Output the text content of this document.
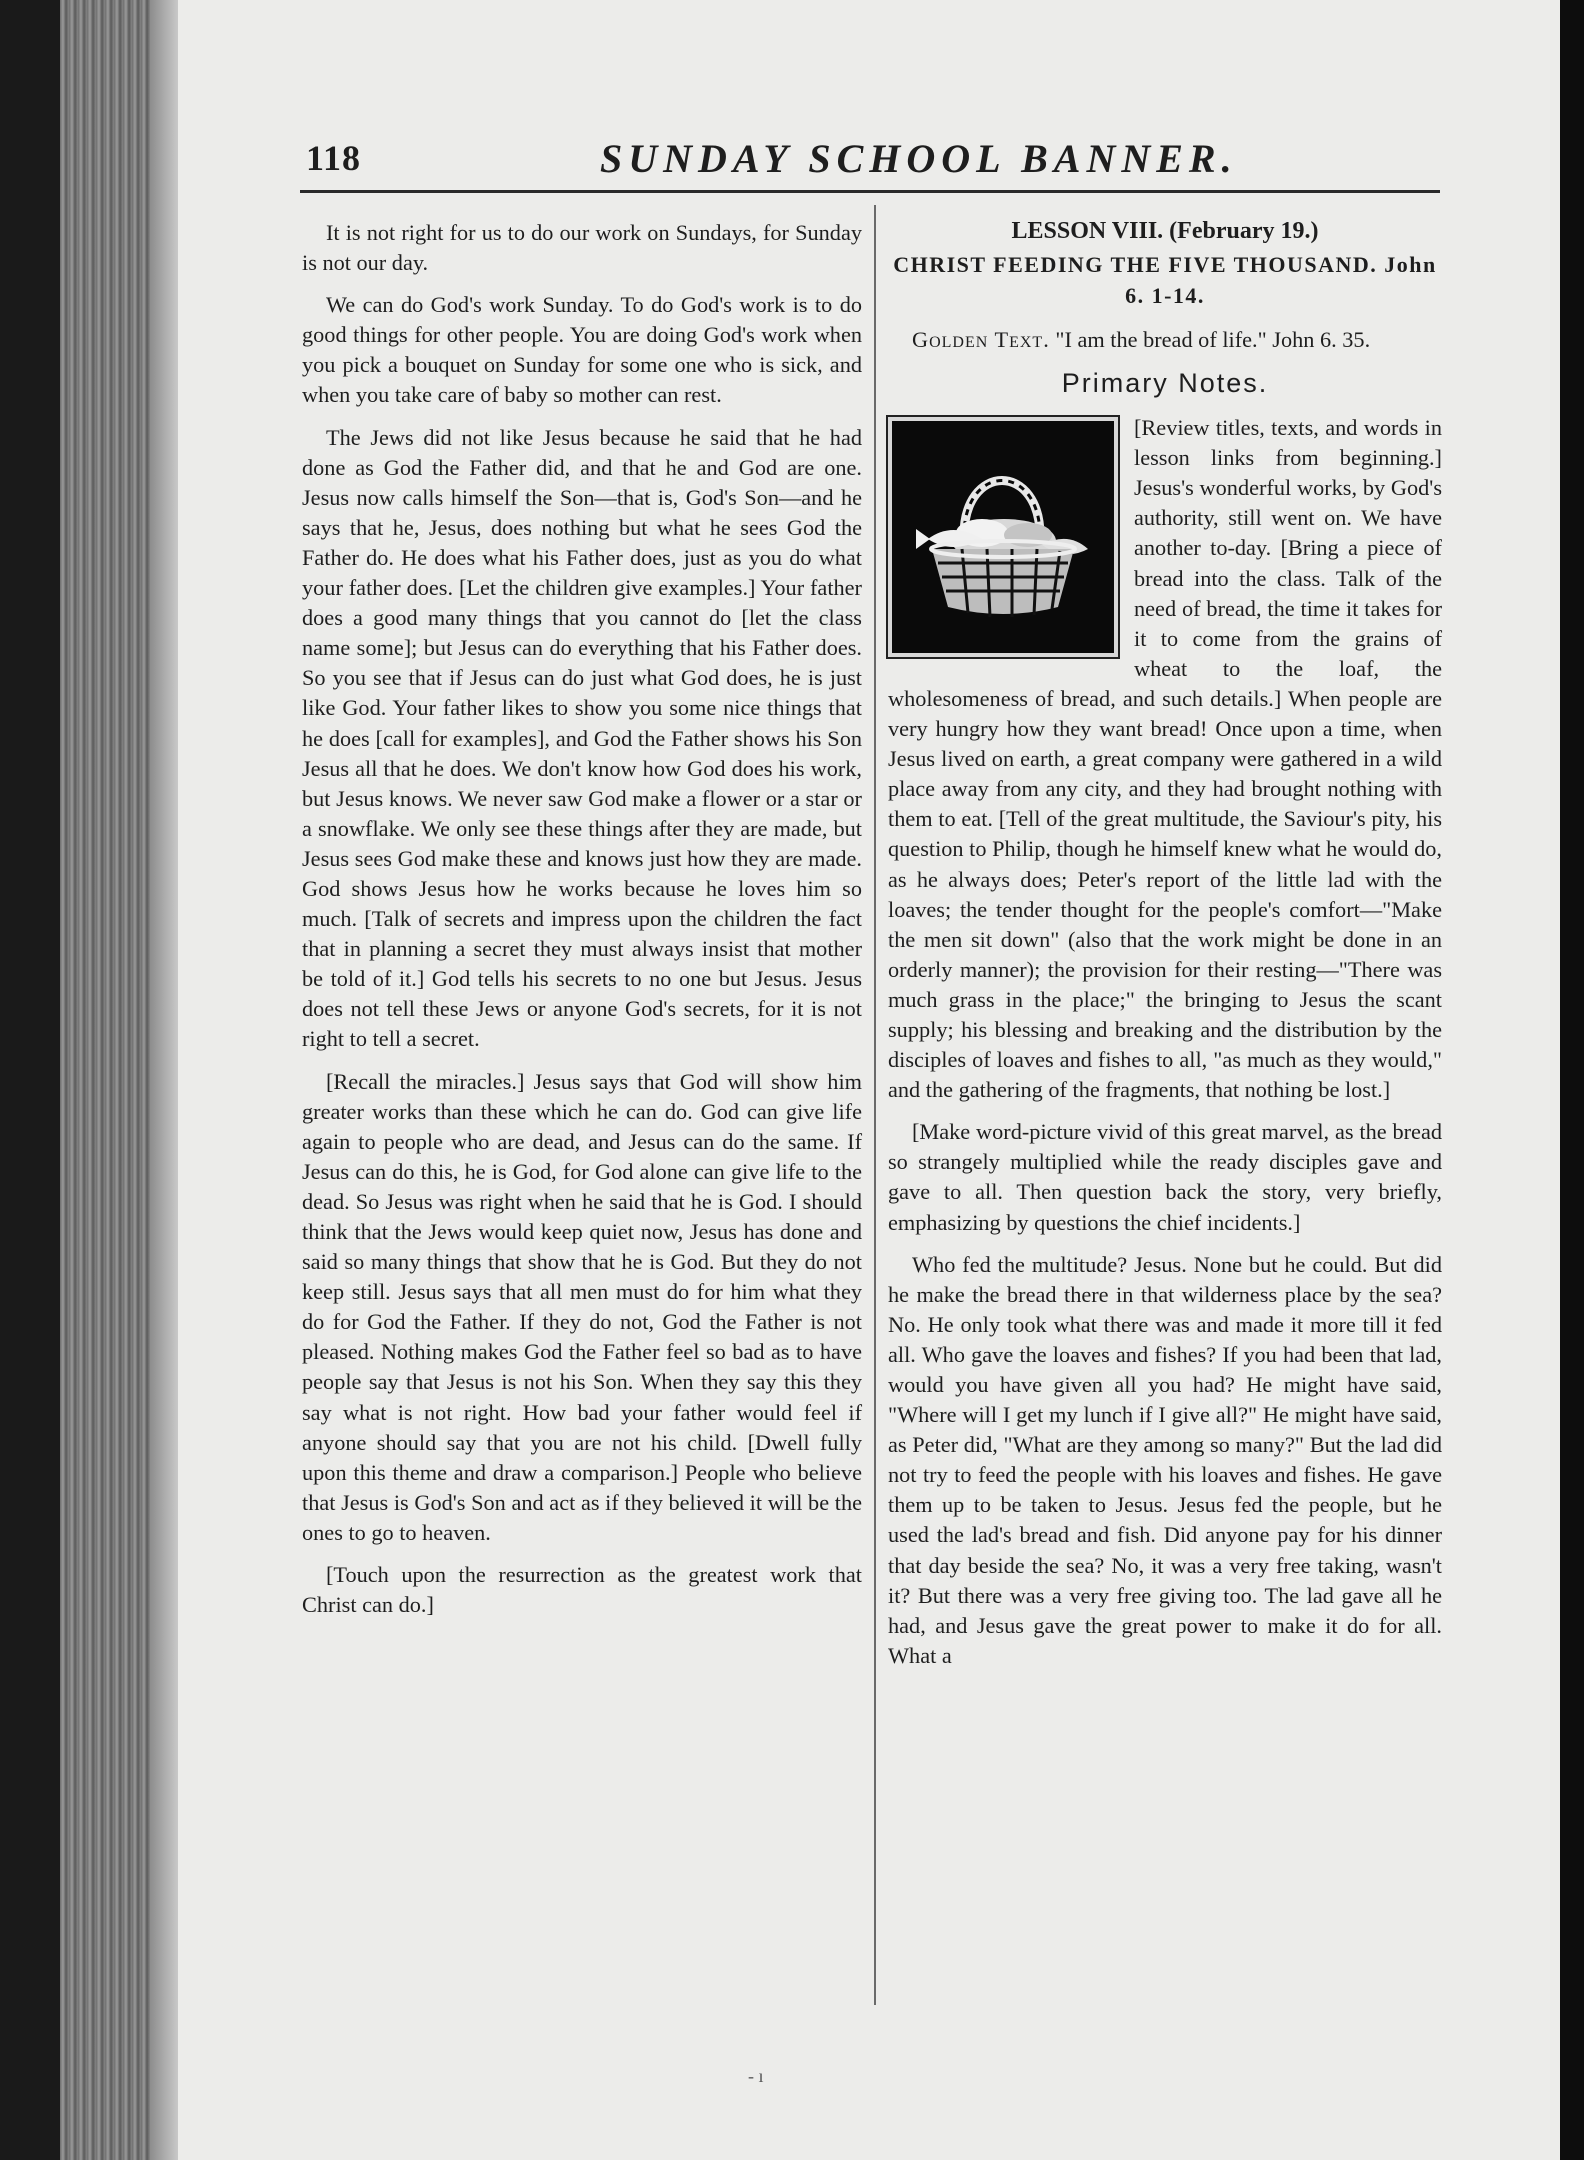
118	SUNDAY SCHOOL BANNER.

It is not right for us to do our work on Sundays, for Sunday is not our day.

We can do God's work Sunday. To do God's work is to do good things for other people. You are doing God's work when you pick a bouquet on Sunday for some one who is sick, and when you take care of baby so mother can rest.

The Jews did not like Jesus because he said that he had done as God the Father did, and that he and God are one. Jesus now calls himself the Son—that is, God's Son—and he says that he, Jesus, does nothing but what he sees God the Father do. He does what his Father does, just as you do what your father does. [Let the children give examples.] Your father does a good many things that you cannot do [let the class name some]; but Jesus can do everything that his Father does. So you see that if Jesus can do just what God does, he is just like God. Your father likes to show you some nice things that he does [call for examples], and God the Father shows his Son Jesus all that he does. We don't know how God does his work, but Jesus knows. We never saw God make a flower or a star or a snowflake. We only see these things after they are made, but Jesus sees God make these and knows just how they are made. God shows Jesus how he works because he loves him so much. [Talk of secrets and impress upon the children the fact that in planning a secret they must always insist that mother be told of it.] God tells his secrets to no one but Jesus. Jesus does not tell these Jews or anyone God's secrets, for it is not right to tell a secret.

[Recall the miracles.] Jesus says that God will show him greater works than these which he can do. God can give life again to people who are dead, and Jesus can do the same. If Jesus can do this, he is God, for God alone can give life to the dead. So Jesus was right when he said that he is God. I should think that the Jews would keep quiet now, Jesus has done and said so many things that show that he is God. But they do not keep still. Jesus says that all men must do for him what they do for God the Father. If they do not, God the Father is not pleased. Nothing makes God the Father feel so bad as to have people say that Jesus is not his Son. When they say this they say what is not right. How bad your father would feel if anyone should say that you are not his child. [Dwell fully upon this theme and draw a comparison.] People who believe that Jesus is God's Son and act as if they believed it will be the ones to go to heaven.

[Touch upon the resurrection as the greatest work that Christ can do.]

LESSON VIII. (February 19.)
CHRIST FEEDING THE FIVE THOUSAND. John 6. 1-14.

Golden Text. "I am the bread of life." John 6. 35.

Primary Notes.

[Review titles, texts, and words in lesson links from beginning.] Jesus's wonderful works, by God's authority, still went on. We have another to-day. [Bring a piece of bread into the class. Talk of the need of bread, the time it takes for it to come from the grains of wheat to the loaf, the wholesomeness of bread, and such details.] When people are very hungry how they want bread! Once upon a time, when Jesus lived on earth, a great company were gathered in a wild place away from any city, and they had brought nothing with them to eat. [Tell of the great multitude, the Saviour's pity, his question to Philip, though he himself knew what he would do, as he always does; Peter's report of the little lad with the loaves; the tender thought for the people's comfort—"Make the men sit down" (also that the work might be done in an orderly manner); the provision for their resting—"There was much grass in the place;" the bringing to Jesus the scant supply; his blessing and breaking and the distribution by the disciples of loaves and fishes to all, "as much as they would," and the gathering of the fragments, that nothing be lost.]

[Make word-picture vivid of this great marvel, as the bread so strangely multiplied while the ready disciples gave and gave to all. Then question back the story, very briefly, emphasizing by questions the chief incidents.]

Who fed the multitude? Jesus. None but he could. But did he make the bread there in that wilderness place by the sea? No. He only took what there was and made it more till it fed all. Who gave the loaves and fishes? If you had been that lad, would you have given all you had? He might have said, "Where will I get my lunch if I give all?" He might have said, as Peter did, "What are they among so many?" But the lad did not try to feed the people with his loaves and fishes. He gave them up to be taken to Jesus. Jesus fed the people, but he used the lad's bread and fish. Did anyone pay for his dinner that day beside the sea? No, it was a very free taking, wasn't it? But there was a very free giving too. The lad gave all he had, and Jesus gave the great power to make it do for all. What a

- ı
